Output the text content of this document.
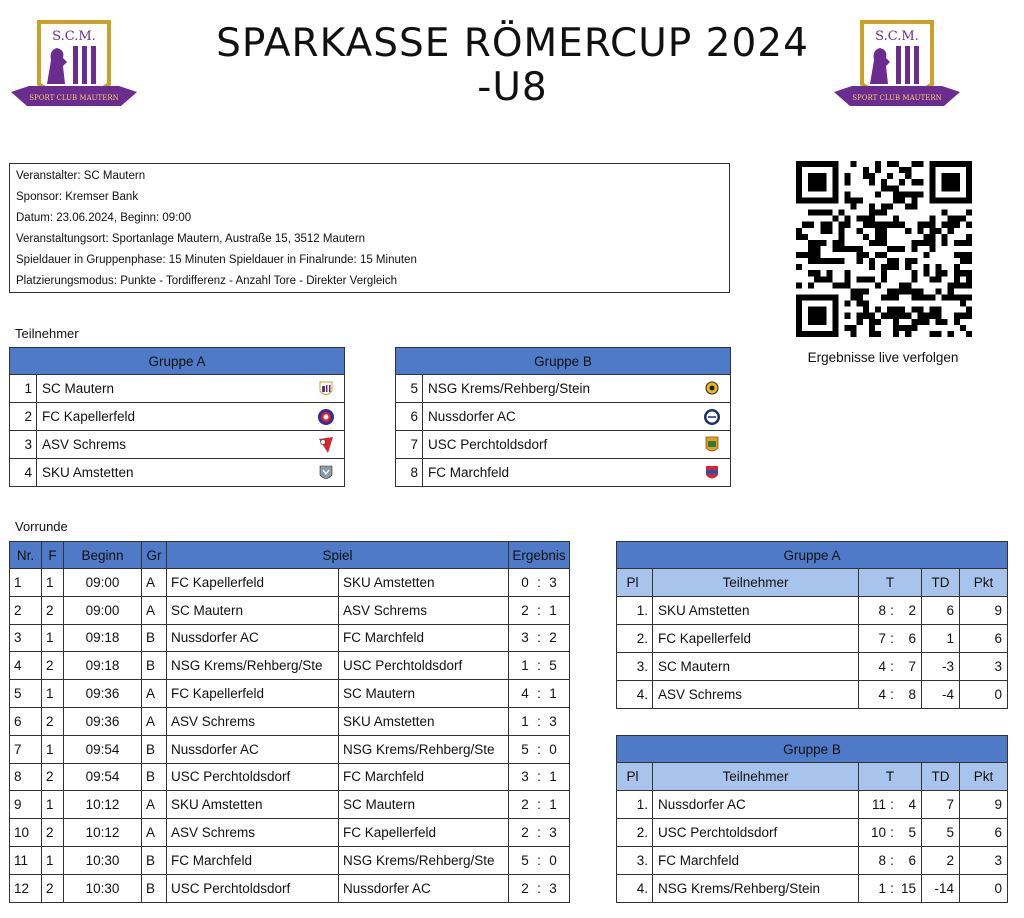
S.C.M.
SPORT CLUB MAUTERN
SPARKASSE RÖMERCUP 2024
-U8
S.C.M.
SPORT CLUB MAUTERN
Veranstalter: SC Mautern
Sponsor: Kremser Bank
Datum: 23.06.2024, Beginn: 09:00
Veranstaltungsort: Sportanlage Mautern, Austraße 15, 3512 Mautern
Spieldauer in Gruppenphase: 15 Minuten Spieldauer in Finalrunde: 15 Minuten
Platzierungsmodus: Punkte - Tordifferenz - Anzahl Tore - Direkter Vergleich
Ergebnisse live verfolgen
Teilnehmer
Gruppe A		
1	SC Mautern	

2	FC Kapellerfeld	

3	ASV Schrems	

4	SKU Amstetten	
Gruppe B		
5	NSG Krems/Rehberg/Stein	

6	Nussdorfer AC	

7	USC Perchtoldsdorf	

8	FC Marchfeld	
Vorrunde
Nr.	F	Beginn	Gr	Spiel		Ergebnis
1	1	09:00	A	FC Kapellerfeld	SKU Amstetten	0 : 3
2	2	09:00	A	SC Mautern	ASV Schrems	2 : 1
3	1	09:18	B	Nussdorfer AC	FC Marchfeld	3 : 2
4	2	09:18	B	NSG Krems/Rehberg/Ste	USC Perchtoldsdorf	1 : 5
5	1	09:36	A	FC Kapellerfeld	SC Mautern	4 : 1
6	2	09:36	A	ASV Schrems	SKU Amstetten	1 : 3
7	1	09:54	B	Nussdorfer AC	NSG Krems/Rehberg/Ste	5 : 0
8	2	09:54	B	USC Perchtoldsdorf	FC Marchfeld	3 : 1
9	1	10:12	A	SKU Amstetten	SC Mautern	2 : 1
10	2	10:12	A	ASV Schrems	FC Kapellerfeld	2 : 3
11	1	10:30	B	FC Marchfeld	NSG Krems/Rehberg/Ste	5 : 0
12	2	10:30	B	USC Perchtoldsdorf	Nussdorfer AC	2 : 3
Gruppe A				
Pl	Teilnehmer	T	TD	Pkt
1.	SKU Amstetten	8 : 2	6	9
2.	FC Kapellerfeld	7 : 6	1	6
3.	SC Mautern	4 : 7	-3	3
4.	ASV Schrems	4 : 8	-4	0
Gruppe B				
Pl	Teilnehmer	T	TD	Pkt
1.	Nussdorfer AC	11 : 4	7	9
2.	USC Perchtoldsdorf	10 : 5	5	6
3.	FC Marchfeld	8 : 6	2	3
4.	NSG Krems/Rehberg/Stein	1 : 15	-14	0
